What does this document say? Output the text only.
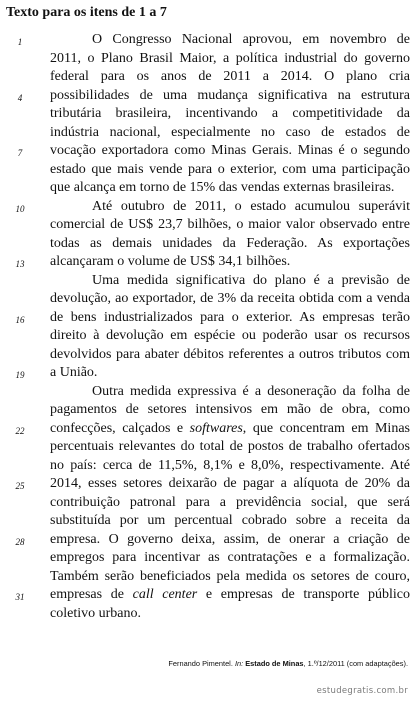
Texto para os itens de 1 a 7
1	O Congresso Nacional aprovou, em novembro de
2011, o Plano Brasil Maior, a política industrial do governo
federal para os anos de 2011 a 2014. O plano cria
4 possibilidades de uma mudança significativa na estrutura
tributária brasileira, incentivando a competitividade da
indústria nacional, especialmente no caso de estados de
7 vocação exportadora como Minas Gerais. Minas é o segundo
estado que mais vende para o exterior, com uma participação
que alcança em torno de 15% das vendas externas brasileiras.
10	Até outubro de 2011, o estado acumulou superávit
comercial de US$ 23,7 bilhões, o maior valor observado entre
todas as demais unidades da Federação. As exportações
13 alcançaram o volume de US$ 34,1 bilhões.
Uma medida significativa do plano é a previsão de
devolução, ao exportador, de 3% da receita obtida com a venda
16 de bens industrializados para o exterior. As empresas terão
direito à devolução em espécie ou poderão usar os recursos
devolvidos para abater débitos referentes a outros tributos com
19 a União.
Outra medida expressiva é a desoneração da folha de
pagamentos de setores intensivos em mão de obra, como
22 confecções, calçados e softwares, que concentram em Minas
percentuais relevantes do total de postos de trabalho ofertados
no país: cerca de 11,5%, 8,1% e 8,0%, respectivamente. Até
25 2014, esses setores deixarão de pagar a alíquota de 20% da
contribuição patronal para a previdência social, que será
substituída por um percentual cobrado sobre a receita da
28 empresa. O governo deixa, assim, de onerar a criação de
empregos para incentivar as contratações e a formalização.
Também serão beneficiados pela medida os setores de couro,
31 empresas de call center e empresas de transporte público
coletivo urbano.
Fernando Pimentel. In: Estado de Minas, 1.º/12/2011 (com adaptações).
estudegratis.com.br
